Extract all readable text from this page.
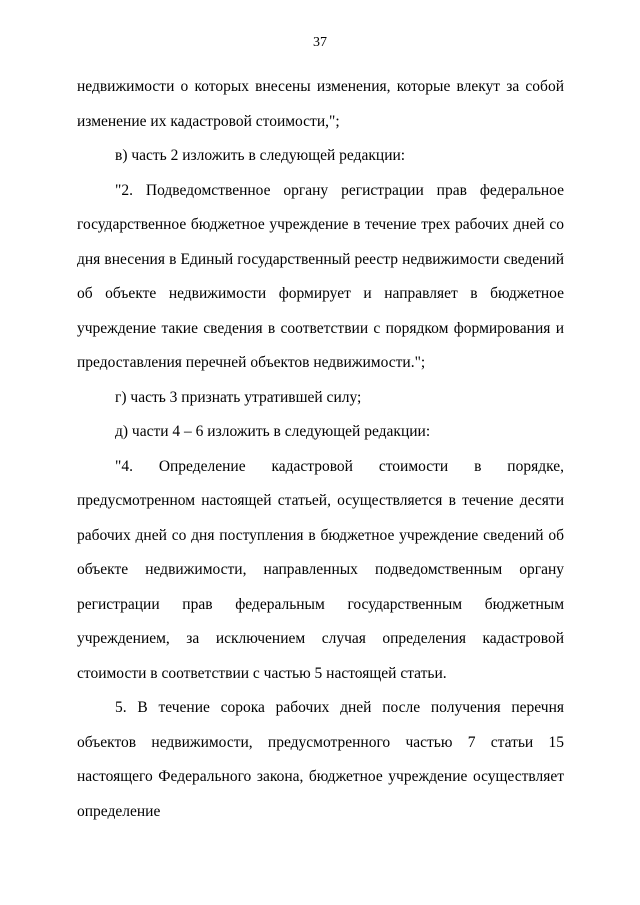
37

недвижимости о которых внесены изменения, которые влекут за собой изменение их кадастровой стоимости,";

в) часть 2 изложить в следующей редакции:

"2. Подведомственное органу регистрации прав федеральное государственное бюджетное учреждение в течение трех рабочих дней со дня внесения в Единый государственный реестр недвижимости сведений об объекте недвижимости формирует и направляет в бюджетное учреждение такие сведения в соответствии с порядком формирования и предоставления перечней объектов недвижимости.";

г) часть 3 признать утратившей силу;

д) части 4 – 6 изложить в следующей редакции:

"4. Определение кадастровой стоимости в порядке, предусмотренном настоящей статьей, осуществляется в течение десяти рабочих дней со дня поступления в бюджетное учреждение сведений об объекте недвижимости, направленных подведомственным органу регистрации прав федеральным государственным бюджетным учреждением, за исключением случая определения кадастровой стоимости в соответствии с частью 5 настоящей статьи.

5. В течение сорока рабочих дней после получения перечня объектов недвижимости, предусмотренного частью 7 статьи 15 настоящего Федерального закона, бюджетное учреждение осуществляет определение
